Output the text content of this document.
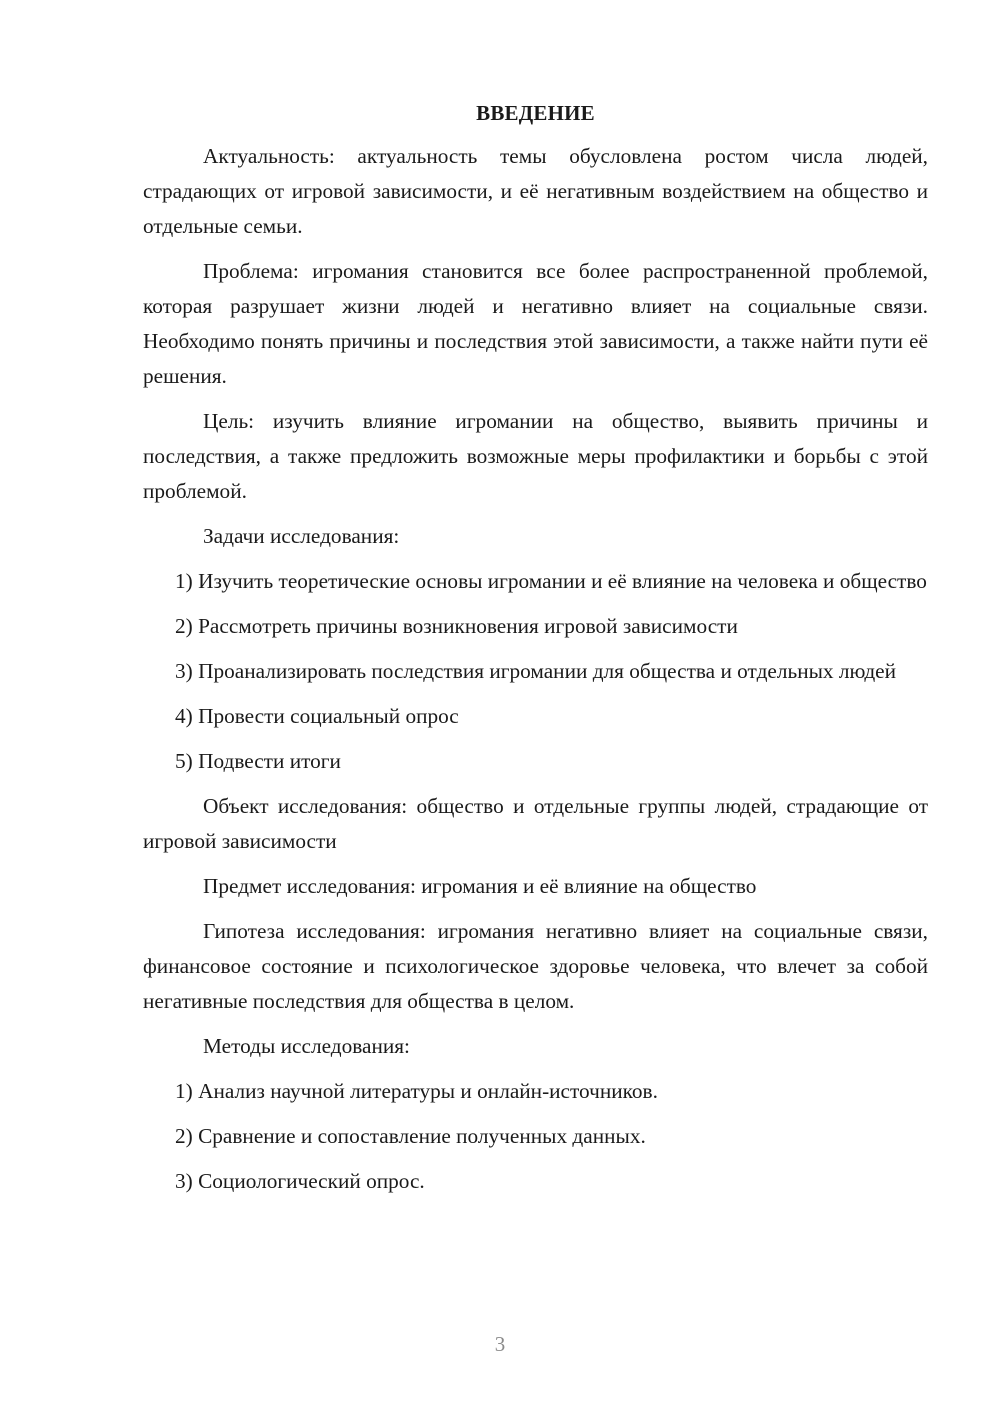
ВВЕДЕНИЕ

Актуальность: актуальность темы обусловлена ростом числа людей, страдающих от игровой зависимости, и её негативным воздействием на общество и отдельные семьи.

Проблема: игромания становится все более распространенной проблемой, которая разрушает жизни людей и негативно влияет на социальные связи. Необходимо понять причины и последствия этой зависимости, а также найти пути её решения.

Цель: изучить влияние игромании на общество, выявить причины и последствия, а также предложить возможные меры профилактики и борьбы с этой проблемой.

Задачи исследования:

1) Изучить теоретические основы игромании и её влияние на человека и общество

2) Рассмотреть причины возникновения игровой зависимости

3) Проанализировать последствия игромании для общества и отдельных людей

4) Провести социальный опрос

5) Подвести итоги

Объект исследования: общество и отдельные группы людей, страдающие от игровой зависимости

Предмет исследования: игромания и её влияние на общество

Гипотеза исследования: игромания негативно влияет на социальные связи, финансовое состояние и психологическое здоровье человека, что влечет за собой негативные последствия для общества в целом.

Методы исследования:

1) Анализ научной литературы и онлайн-источников.

2) Сравнение и сопоставление полученных данных.

3) Социологический опрос.

3
